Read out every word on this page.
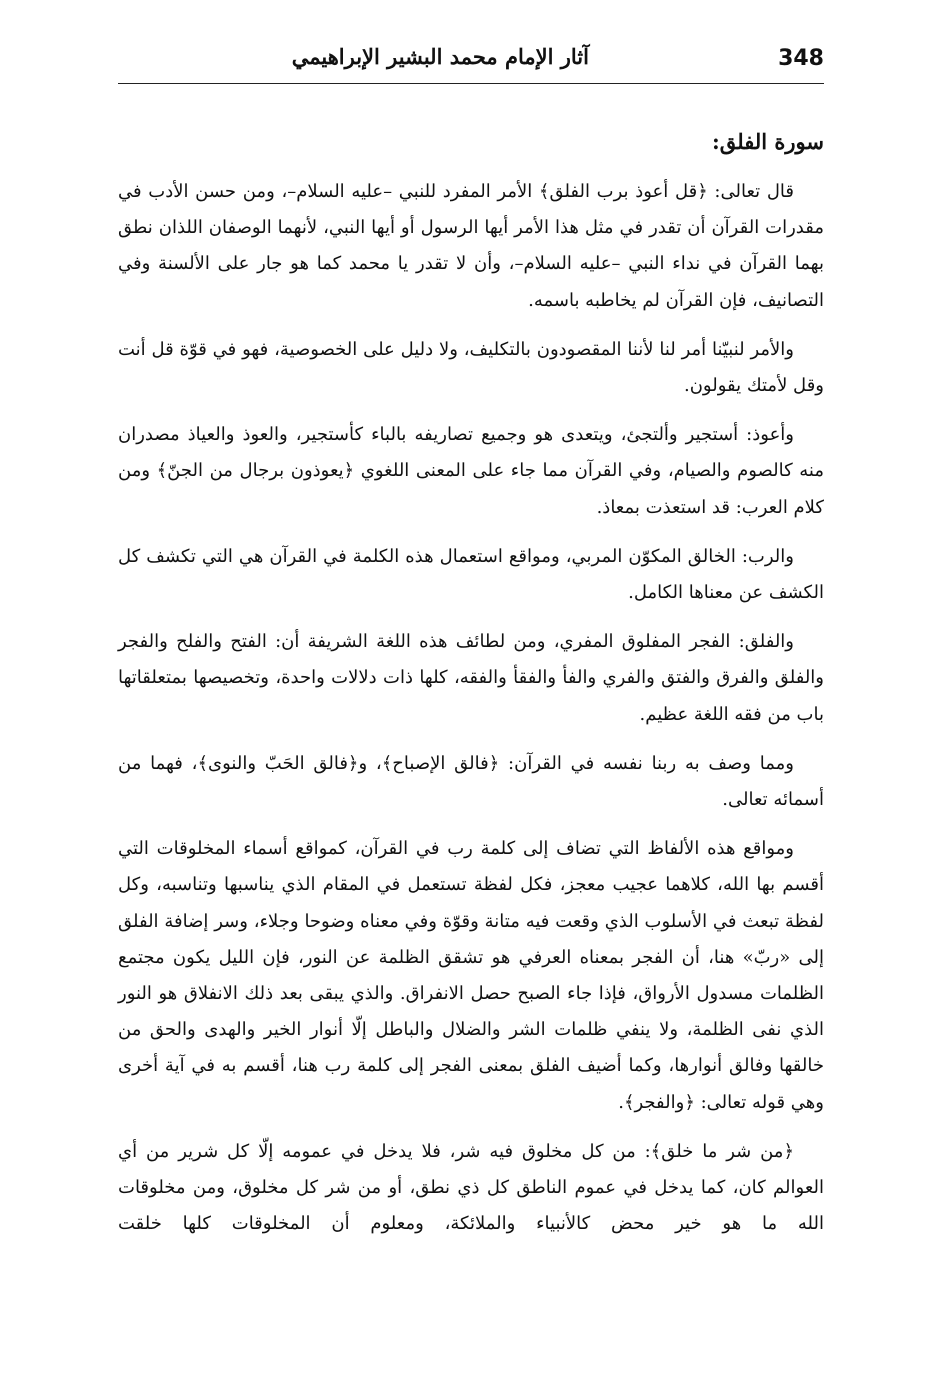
348
آثار الإمام محمد البشير الإبراهيمي
سورة الفلق:

قال تعالى: ﴿قل أعوذ برب الفلق﴾ الأمر المفرد للنبي –عليه السلام–، ومن حسن الأدب في مقدرات القرآن أن تقدر في مثل هذا الأمر أيها الرسول أو أيها النبي، لأنهما الوصفان اللذان نطق بهما القرآن في نداء النبي –عليه السلام–، وأن لا تقدر يا محمد كما هو جار على الألسنة وفي التصانيف، فإن القرآن لم يخاطبه باسمه.

والأمر لنبيّنا أمر لنا لأننا المقصودون بالتكليف، ولا دليل على الخصوصية، فهو في قوّة قل أنت وقل لأمتك يقولون.

وأعوذ: أستجير وألتجئ، ويتعدى هو وجميع تصاريفه بالباء كأستجير، والعوذ والعياذ مصدران منه كالصوم والصيام، وفي القرآن مما جاء على المعنى اللغوي ﴿يعوذون برجال من الجنّ﴾ ومن كلام العرب: قد استعذت بمعاذ.

والرب: الخالق المكوّن المربي، ومواقع استعمال هذه الكلمة في القرآن هي التي تكشف كل الكشف عن معناها الكامل.

والفلق: الفجر المفلوق المفري، ومن لطائف هذه اللغة الشريفة أن: الفتح والفلح والفجر والفلق والفرق والفتق والفري والفأ والفقأ والفقه، كلها ذات دلالات واحدة، وتخصيصها بمتعلقاتها باب من فقه اللغة عظيم.

ومما وصف به ربنا نفسه في القرآن: ﴿فالق الإصباح﴾، و﴿فالق الحَبّ والنوى﴾، فهما من أسمائه تعالى.

ومواقع هذه الألفاظ التي تضاف إلى كلمة رب في القرآن، كمواقع أسماء المخلوقات التي أقسم بها الله، كلاهما عجيب معجز، فكل لفظة تستعمل في المقام الذي يناسبها وتناسبه، وكل لفظة تبعث في الأسلوب الذي وقعت فيه متانة وقوّة وفي معناه وضوحا وجلاء، وسر إضافة الفلق إلى «ربّ» هنا، أن الفجر بمعناه العرفي هو تشقق الظلمة عن النور، فإن الليل يكون مجتمع الظلمات مسدول الأرواق، فإذا جاء الصبح حصل الانفراق. والذي يبقى بعد ذلك الانفلاق هو النور الذي نفى الظلمة، ولا ينفي ظلمات الشر والضلال والباطل إلّا أنوار الخير والهدى والحق من خالقها وفالق أنوارها، وكما أضيف الفلق بمعنى الفجر إلى كلمة رب هنا، أقسم به في آية أخرى وهي قوله تعالى: ﴿والفجر﴾.

﴿من شر ما خلق﴾: من كل مخلوق فيه شر، فلا يدخل في عمومه إلّا كل شرير من أي العوالم كان، كما يدخل في عموم الناطق كل ذي نطق، أو من شر كل مخلوق، ومن مخلوقات الله ما هو خير محض كالأنبياء والملائكة، ومعلوم أن المخلوقات كلها خلقت
